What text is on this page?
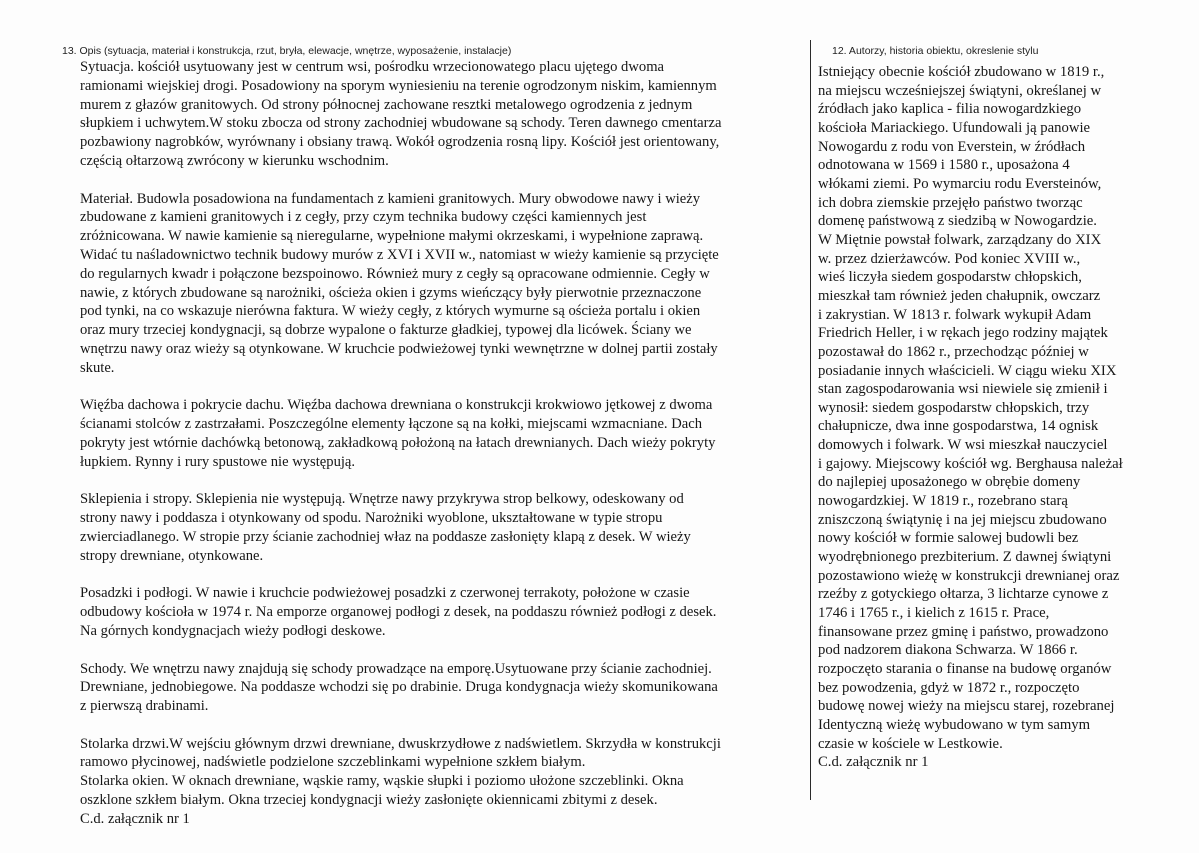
13. Opis (sytuacja, materiał i konstrukcja, rzut, bryła, elewacje, wnętrze, wyposażenie, instalacje)
Sytuacja. kościół usytuowany jest w centrum wsi, pośrodku wrzecionowatego placu ujętego dwoma
ramionami wiejskiej drogi. Posadowiony na sporym wyniesieniu na terenie ogrodzonym niskim, kamiennym
murem z głazów granitowych. Od strony północnej zachowane resztki metalowego ogrodzenia z jednym
słupkiem i uchwytem.W stoku zbocza od strony zachodniej wbudowane są schody. Teren dawnego cmentarza
pozbawiony nagrobków, wyrównany i obsiany trawą. Wokół ogrodzenia rosną lipy. Kościół jest orientowany,
częścią ołtarzową zwrócony w kierunku wschodnim.
Materiał. Budowla posadowiona na fundamentach z kamieni granitowych. Mury obwodowe nawy i wieży
zbudowane z kamieni granitowych i z cegły, przy czym technika budowy części kamiennych jest
zróżnicowana. W nawie kamienie są nieregularne, wypełnione małymi okrzeskami, i wypełnione zaprawą.
Widać tu naśladownictwo technik budowy murów z XVI i XVII w., natomiast w wieży kamienie są przycięte
do regularnych kwadr i połączone bezspoinowo. Również mury z cegły są opracowane odmiennie. Cegły w
nawie, z których zbudowane są narożniki, ościeża okien i gzyms wieńczący były pierwotnie przeznaczone
pod tynki, na co wskazuje nierówna faktura. W wieży cegły, z których wymurne są ościeża portalu i okien
oraz mury trzeciej kondygnacji, są dobrze wypalone o fakturze gładkiej, typowej dla licówek. Ściany we
wnętrzu nawy oraz wieży są otynkowane. W kruchcie podwieżowej tynki wewnętrzne w dolnej partii zostały
skute.
Więźba dachowa i pokrycie dachu. Więźba dachowa drewniana o konstrukcji krokwiowo jętkowej z dwoma
ścianami stolców z zastrzałami. Poszczególne elementy łączone są na kołki, miejscami wzmacniane. Dach
pokryty jest wtórnie dachówką betonową, zakładkową położoną na łatach drewnianych. Dach wieży pokryty
łupkiem. Rynny i rury spustowe nie występują.
Sklepienia i stropy. Sklepienia nie występują. Wnętrze nawy przykrywa strop belkowy, odeskowany od
strony nawy i poddasza i otynkowany od spodu. Narożniki wyoblone, ukształtowane w typie stropu
zwierciadlanego. W stropie przy ścianie zachodniej właz na poddasze zasłonięty klapą z desek. W wieży
stropy drewniane, otynkowane.
Posadzki i podłogi. W nawie i kruchcie podwieżowej posadzki z czerwonej terrakoty, położone w czasie
odbudowy kościoła w 1974 r. Na emporze organowej podłogi z desek, na poddaszu również podłogi z desek.
Na górnych kondygnacjach wieży podłogi deskowe.
Schody. We wnętrzu nawy znajdują się schody prowadzące na emporę.Usytuowane przy ścianie zachodniej.
Drewniane, jednobiegowe. Na poddasze wchodzi się po drabinie. Druga kondygnacja wieży skomunikowana
z pierwszą drabinami.
Stolarka drzwi.W wejściu głównym drzwi drewniane, dwuskrzydłowe z nadświetlem. Skrzydła w konstrukcji
ramowo płycinowej, nadświetle podzielone szczeblinkami wypełnione szkłem białym.
Stolarka okien. W oknach drewniane, wąskie ramy, wąskie słupki i poziomo ułożone szczeblinki. Okna
oszklone szkłem białym. Okna trzeciej kondygnacji wieży zasłonięte okiennicami zbitymi z desek.
C.d. załącznik nr 1
12. Autorzy, historia obiektu, okreslenie stylu
Istniejący obecnie kościół zbudowano w 1819 r.,
na miejscu wcześniejszej świątyni, określanej w
źródłach jako kaplica - filia nowogardzkiego
kościoła Mariackiego. Ufundowali ją panowie
Nowogardu z rodu von Everstein, w źródłach
odnotowana w 1569 i 1580 r., uposażona 4
włókami ziemi. Po wymarciu rodu Eversteinów,
ich dobra ziemskie przejęło państwo tworząc
domenę państwową z siedzibą w Nowogardzie.
W Miętnie powstał folwark, zarządzany do XIX
w. przez dzierżawców. Pod koniec XVIII w.,
wieś liczyła siedem gospodarstw chłopskich,
mieszkał tam również jeden chałupnik, owczarz
i zakrystian. W 1813 r. folwark wykupił Adam
Friedrich Heller, i w rękach jego rodziny majątek
pozostawał do 1862 r., przechodząc później w
posiadanie innych właścicieli. W ciągu wieku XIX
stan zagospodarowania wsi niewiele się zmienił i
wynosił: siedem gospodarstw chłopskich, trzy
chałupnicze, dwa inne gospodarstwa, 14 ognisk
domowych i folwark. W wsi mieszkał nauczyciel
i gajowy. Miejscowy kościół wg. Berghausa należał
do najlepiej uposażonego w obrębie domeny
nowogardzkiej. W 1819 r., rozebrano starą
zniszczoną świątynię i na jej miejscu zbudowano
nowy kościół w formie salowej budowli bez
wyodrębnionego prezbiterium. Z dawnej świątyni
pozostawiono wieżę w konstrukcji drewnianej oraz
rzeźby z gotyckiego ołtarza, 3 lichtarze cynowe z
1746 i 1765 r., i kielich z 1615 r. Prace,
finansowane przez gminę i państwo, prowadzono
pod nadzorem diakona Schwarza. W 1866 r.
rozpoczęto starania o finanse na budowę organów
bez powodzenia, gdyż w 1872 r., rozpoczęto
budowę nowej wieży na miejscu starej, rozebranej
Identyczną wieżę wybudowano w tym samym
czasie w kościele w Lestkowie.
C.d. załącznik nr 1
